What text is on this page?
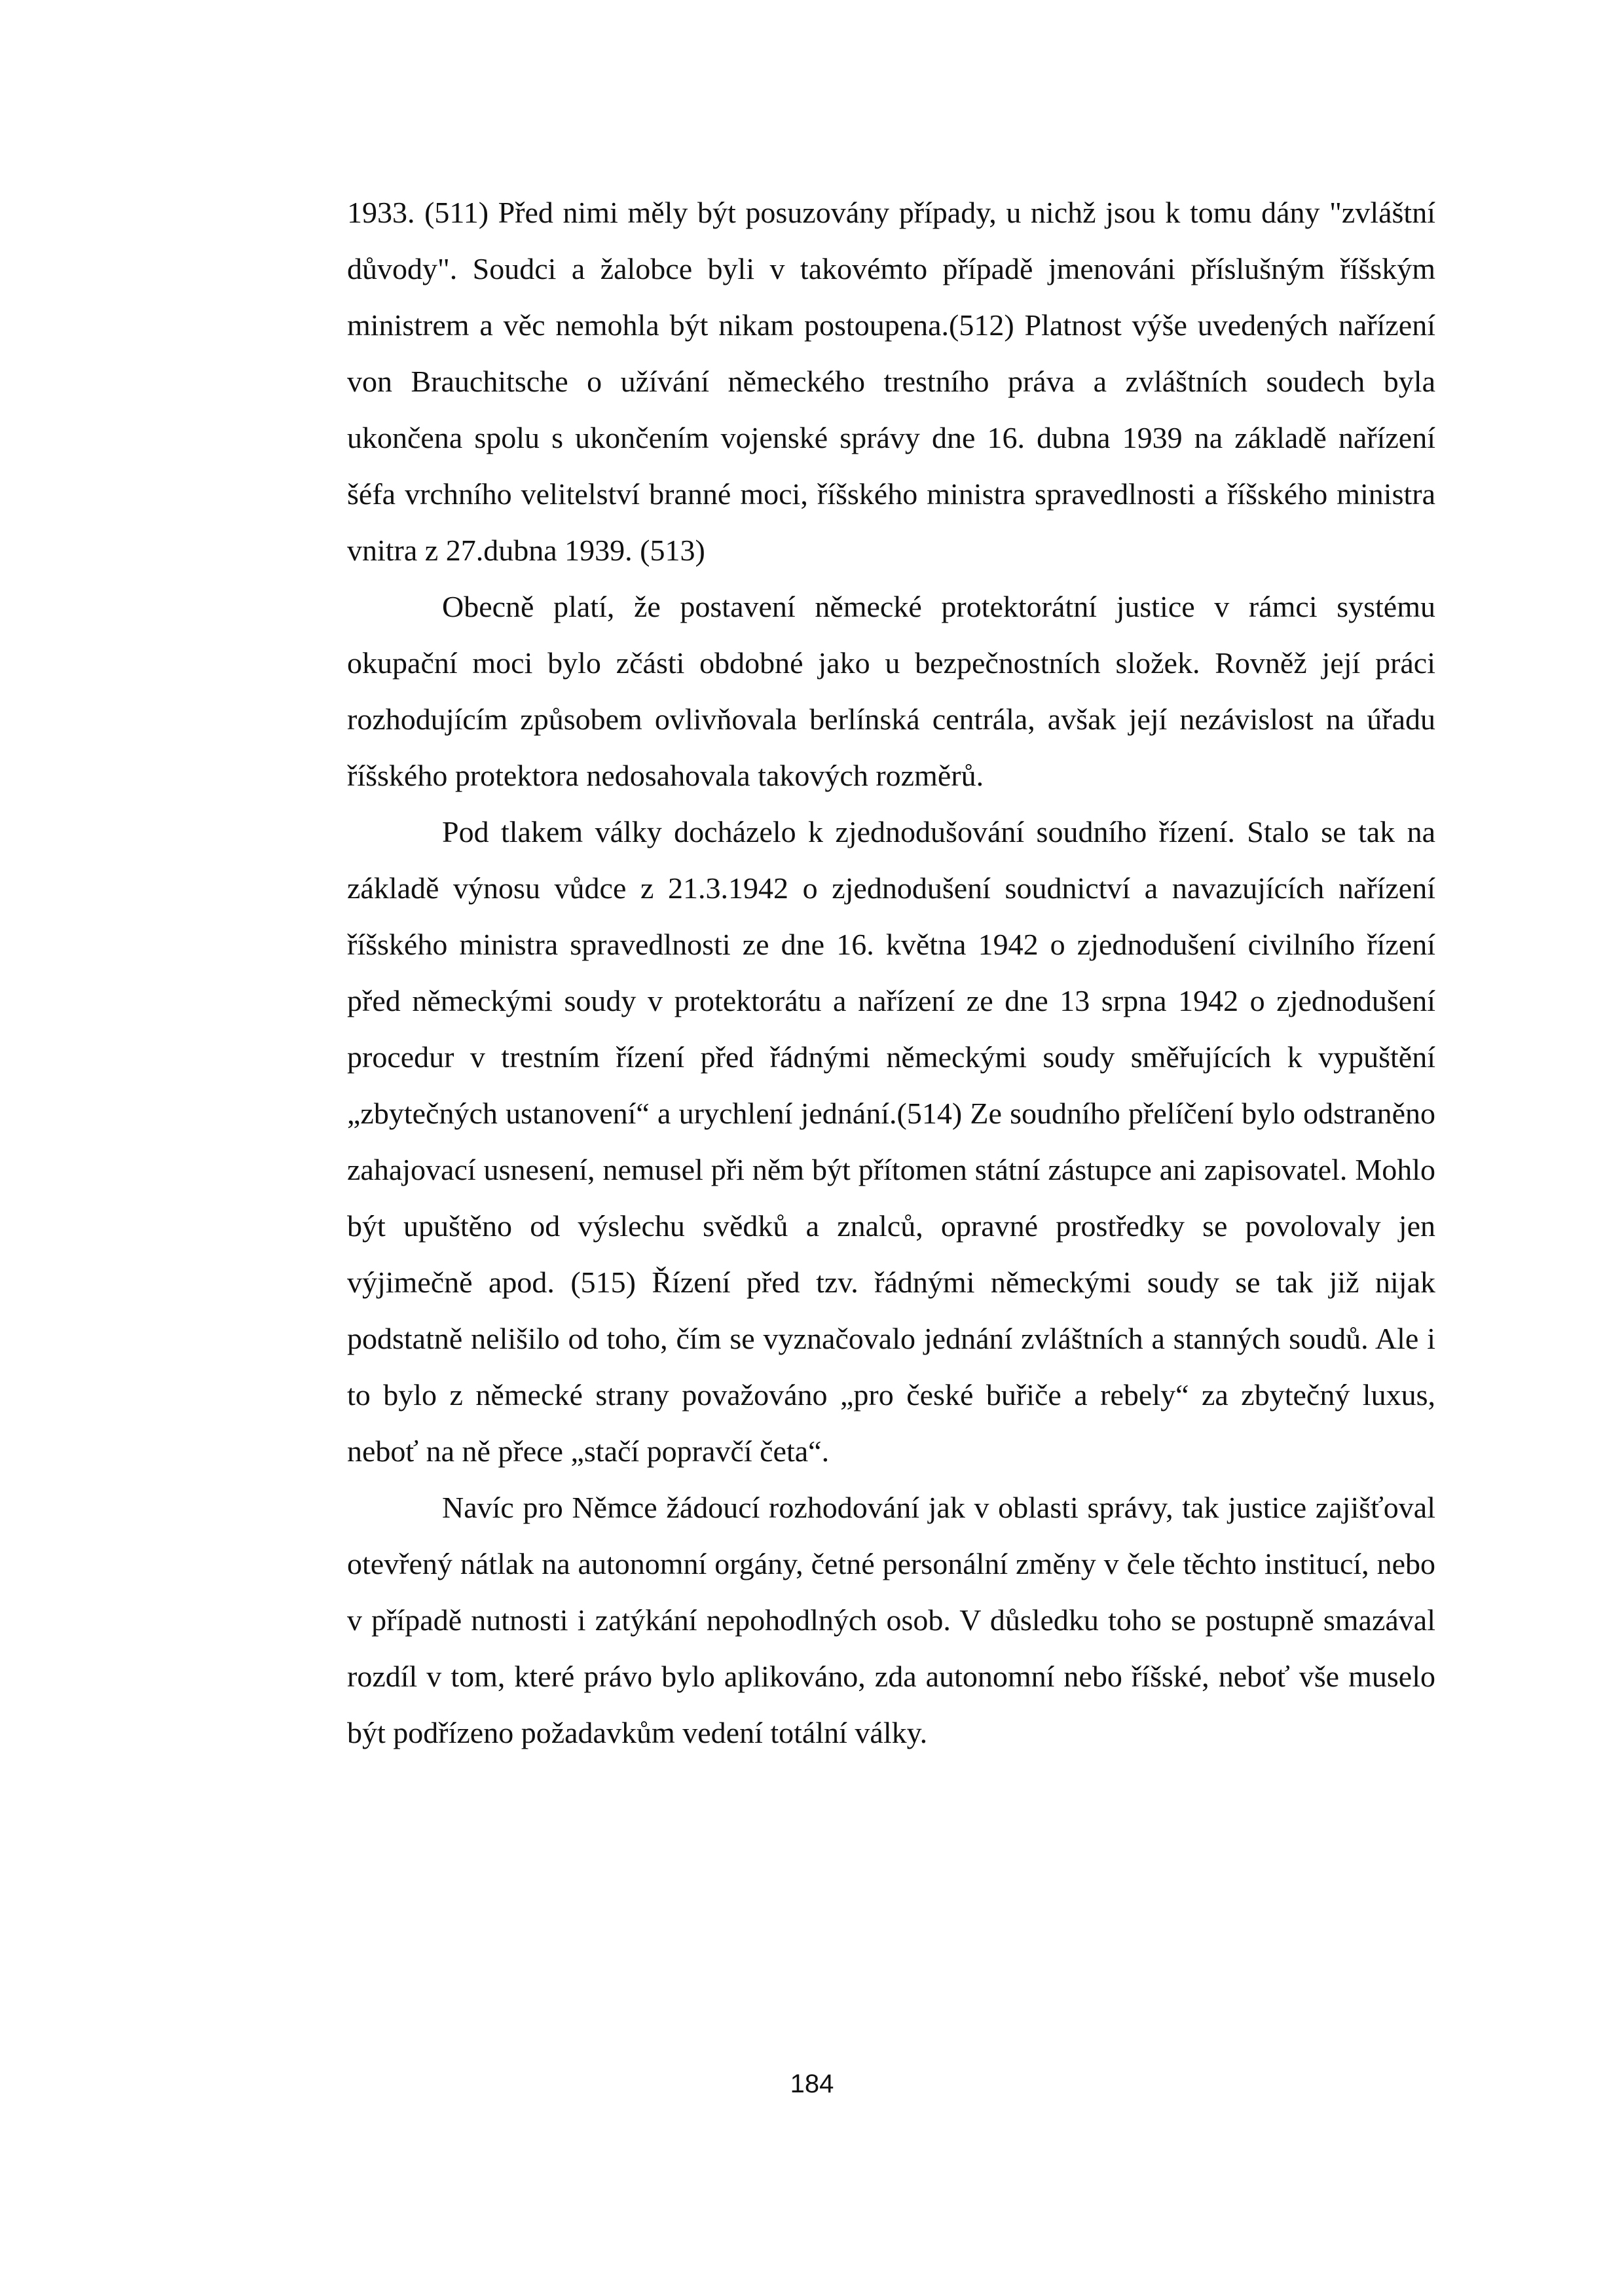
1933. (511) Před nimi měly být posuzovány případy, u nichž jsou k tomu dány "zvláštní důvody". Soudci a žalobce byli v takovémto případě jmenováni příslušným říšským ministrem a věc nemohla být nikam postoupena.(512) Platnost výše uvedených nařízení von Brauchitsche o užívání německého trestního práva a zvláštních soudech byla ukončena spolu s ukončením vojenské správy dne 16. dubna 1939 na základě nařízení šéfa vrchního velitelství branné moci, říšského ministra spravedlnosti a říšského ministra vnitra z 27.dubna 1939. (513)

Obecně platí, že postavení německé protektorátní justice v rámci systému okupační moci bylo zčásti obdobné jako u bezpečnostních složek. Rovněž její práci rozhodujícím způsobem ovlivňovala berlínská centrála, avšak její nezávislost na úřadu říšského protektora nedosahovala takových rozměrů.

Pod tlakem války docházelo k zjednodušování soudního řízení. Stalo se tak na základě výnosu vůdce z 21.3.1942 o zjednodušení soudnictví a navazujících nařízení říšského ministra spravedlnosti ze dne 16. května 1942 o zjednodušení civilního řízení před německými soudy v protektorátu a nařízení ze dne 13 srpna 1942 o zjednodušení procedur v trestním řízení před řádnými německými soudy směřujících k vypuštění „zbytečných ustanovení“ a urychlení jednání.(514) Ze soudního přelíčení bylo odstraněno zahajovací usnesení, nemusel při něm být přítomen státní zástupce ani zapisovatel. Mohlo být upuštěno od výslechu svědků a znalců, opravné prostředky se povolovaly jen výjimečně apod. (515) Řízení před tzv. řádnými německými soudy se tak již nijak podstatně nelišilo od toho, čím se vyznačovalo jednání zvláštních a stanných soudů. Ale i to bylo z německé strany považováno „pro české buřiče a rebely“ za zbytečný luxus, neboť na ně přece „stačí popravčí četa“.

Navíc pro Němce žádoucí rozhodování jak v oblasti správy, tak justice zajišťoval otevřený nátlak na autonomní orgány, četné personální změny v čele těchto institucí, nebo v případě nutnosti i zatýkání nepohodlných osob. V důsledku toho se postupně smazával rozdíl v tom, které právo bylo aplikováno, zda autonomní nebo říšské, neboť vše muselo být podřízeno požadavkům vedení totální války.

184
